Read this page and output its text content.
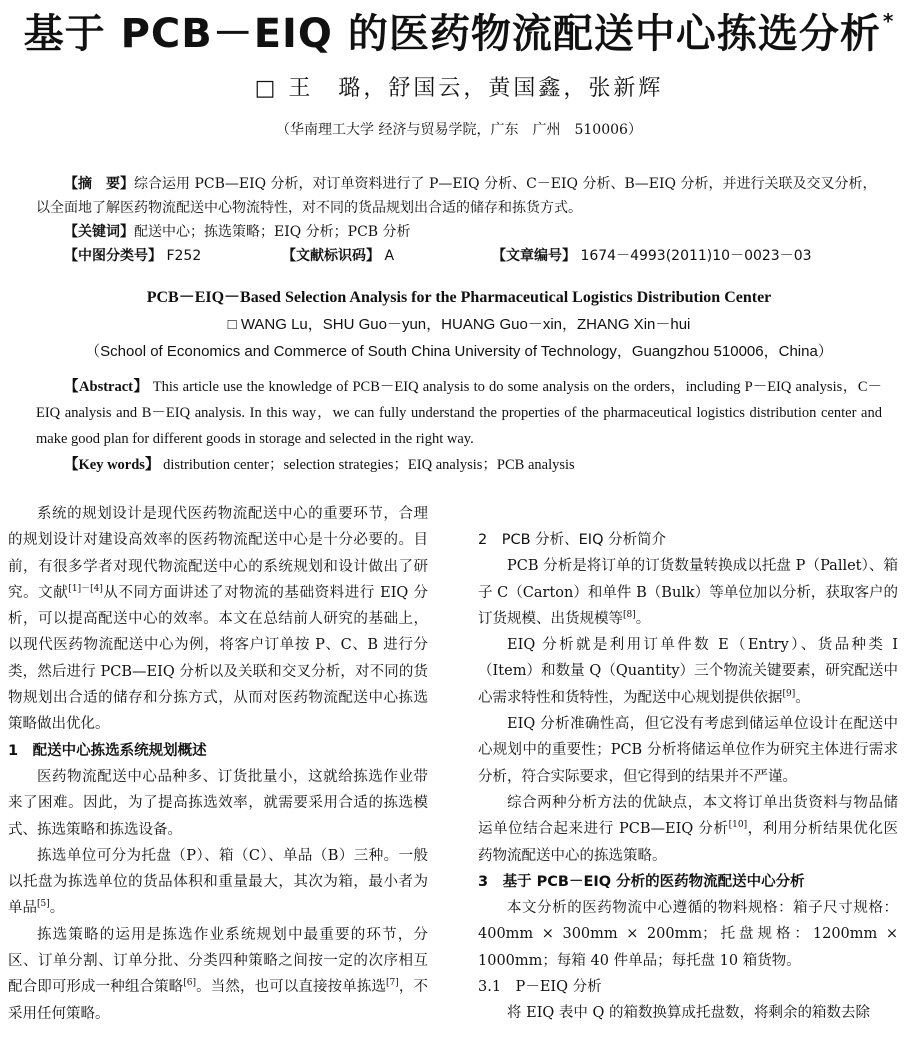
基于 PCB－EIQ 的医药物流配送中心拣选分析 *
□ 王　璐，舒国云，黄国鑫，张新辉
（华南理工大学 经济与贸易学院，广东　广州　510006）

【摘　要】综合运用 PCB—EIQ 分析，对订单资料进行了 P—EIQ 分析、C－EIQ 分析、B—EIQ 分析，并进行关联及交叉分析，以全面地了解医药物流配送中心物流特性，对不同的货品规划出合适的储存和拣货方式。

【关键词】配送中心；拣选策略；EIQ 分析；PCB 分析

【中图分类号】 F252	【文献标识码】 A	【文章编号】 1674－4993(2011)10－0023－03
PCB－EIQ－Based Selection Analysis for the Pharmaceutical Logistics Distribution Center
□ WANG Lu，SHU Guo－yun，HUANG Guo－xin，ZHANG Xin－hui
（School of Economics and Commerce of South China University of Technology，Guangzhou 510006，China）

【Abstract】 This article use the knowledge of PCB－EIQ analysis to do some analysis on the orders，including P－EIQ analysis，C－EIQ analysis and B－EIQ analysis. In this way，we can fully understand the properties of the pharmaceutical logistics distribution center and make good plan for different goods in storage and selected in the right way.

【Key words】 distribution center；selection strategies；EIQ analysis；PCB analysis

系统的规划设计是现代医药物流配送中心的重要环节，合理的规划设计对建设高效率的医药物流配送中心是十分必要的。目前，有很多学者对现代物流配送中心的系统规划和设计做出了研究。文献[1]－[4]从不同方面讲述了对物流的基础资料进行 EIQ 分析，可以提高配送中心的效率。本文在总结前人研究的基础上，以现代医药物流配送中心为例，将客户订单按 P、C、B 进行分类，然后进行 PCB—EIQ 分析以及关联和交叉分析，对不同的货物规划出合适的储存和分拣方式，从而对医药物流配送中心拣选策略做出优化。

1　配送中心拣选系统规划概述

医药物流配送中心品种多、订货批量小，这就给拣选作业带来了困难。因此，为了提高拣选效率，就需要采用合适的拣选模式、拣选策略和拣选设备。

拣选单位可分为托盘（P）、箱（C）、单品（B）三种。一般以托盘为拣选单位的货品体积和重量最大，其次为箱，最小者为单品[5]。

拣选策略的运用是拣选作业系统规划中最重要的环节，分区、订单分割、订单分批、分类四种策略之间按一定的次序相互配合即可形成一种组合策略[6]。当然，也可以直接按单拣选[7]，不采用任何策略。

2　PCB 分析、EIQ 分析简介

PCB 分析是将订单的订货数量转换成以托盘 P（Pallet）、箱子 C（Carton）和单件 B（Bulk）等单位加以分析，获取客户的订货规模、出货规模等[8]。

EIQ 分析就是利用订单件数 E（Entry）、货品种类 I（Item）和数量 Q（Quantity）三个物流关键要素，研究配送中心需求特性和货特性，为配送中心规划提供依据[9]。

EIQ 分析准确性高，但它没有考虑到储运单位设计在配送中心规划中的重要性；PCB 分析将储运单位作为研究主体进行需求分析，符合实际要求，但它得到的结果并不严谨。

综合两种分析方法的优缺点，本文将订单出货资料与物品储运单位结合起来进行 PCB—EIQ 分析[10]，利用分析结果优化医药物流配送中心的拣选策略。

3　基于 PCB－EIQ 分析的医药物流配送中心分析

本文分析的医药物流中心遵循的物料规格：箱子尺寸规格：400mm × 300mm × 200mm；托盘规格：1200mm × 1000mm；每箱 40 件单品；每托盘 10 箱货物。

3.1　P－EIQ 分析

将 EIQ 表中 Q 的箱数换算成托盘数，将剩余的箱数去除
